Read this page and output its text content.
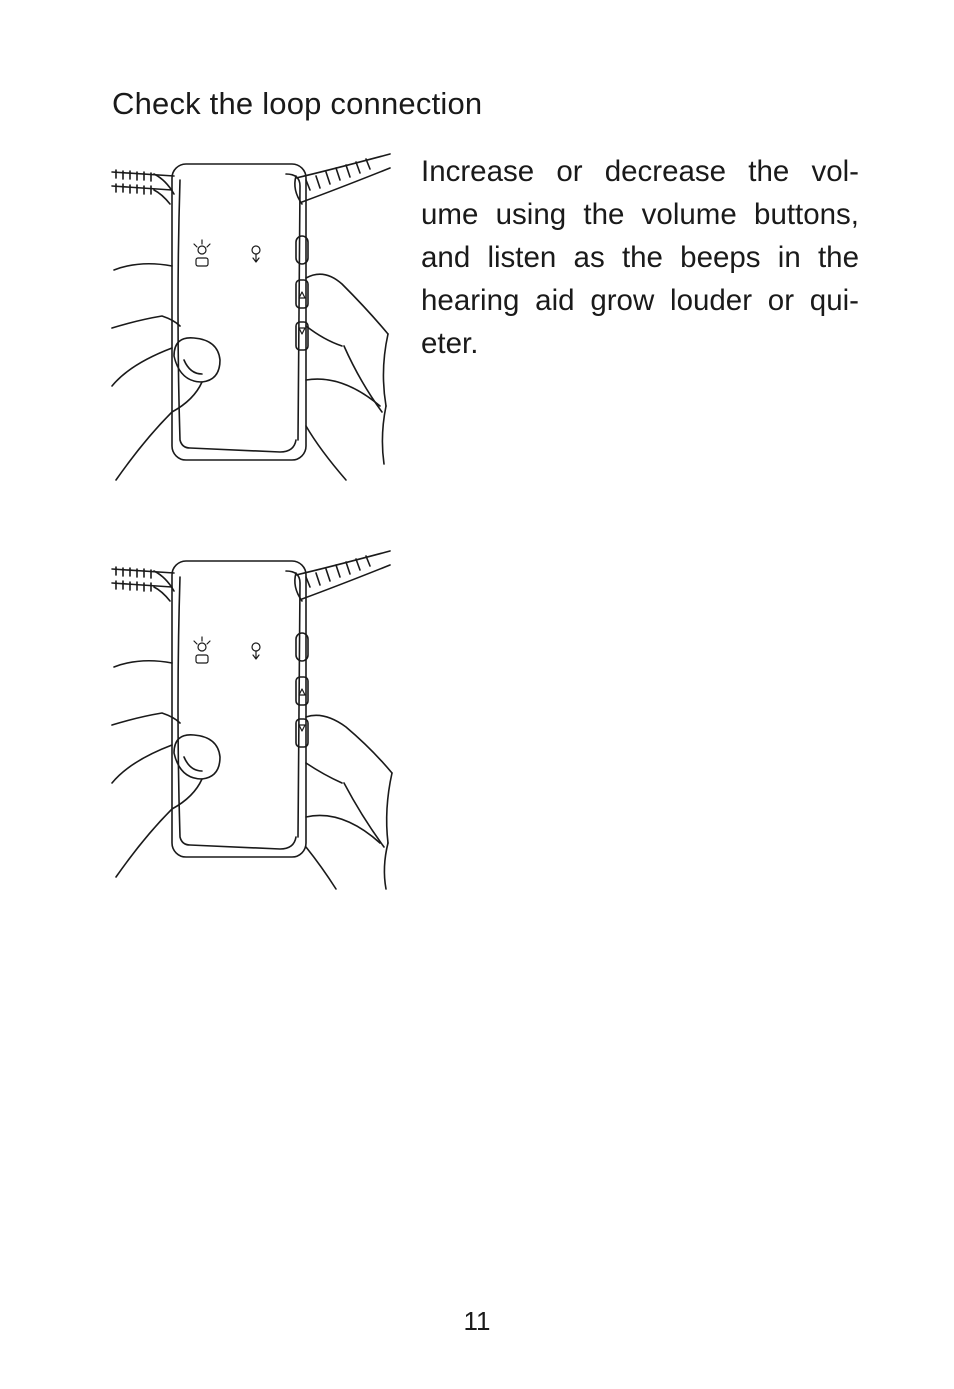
Check the loop connection

Increase or decrease the vol-
ume using the volume buttons,
and listen as the beeps in the
hearing aid grow louder or qui-
eter.

11
